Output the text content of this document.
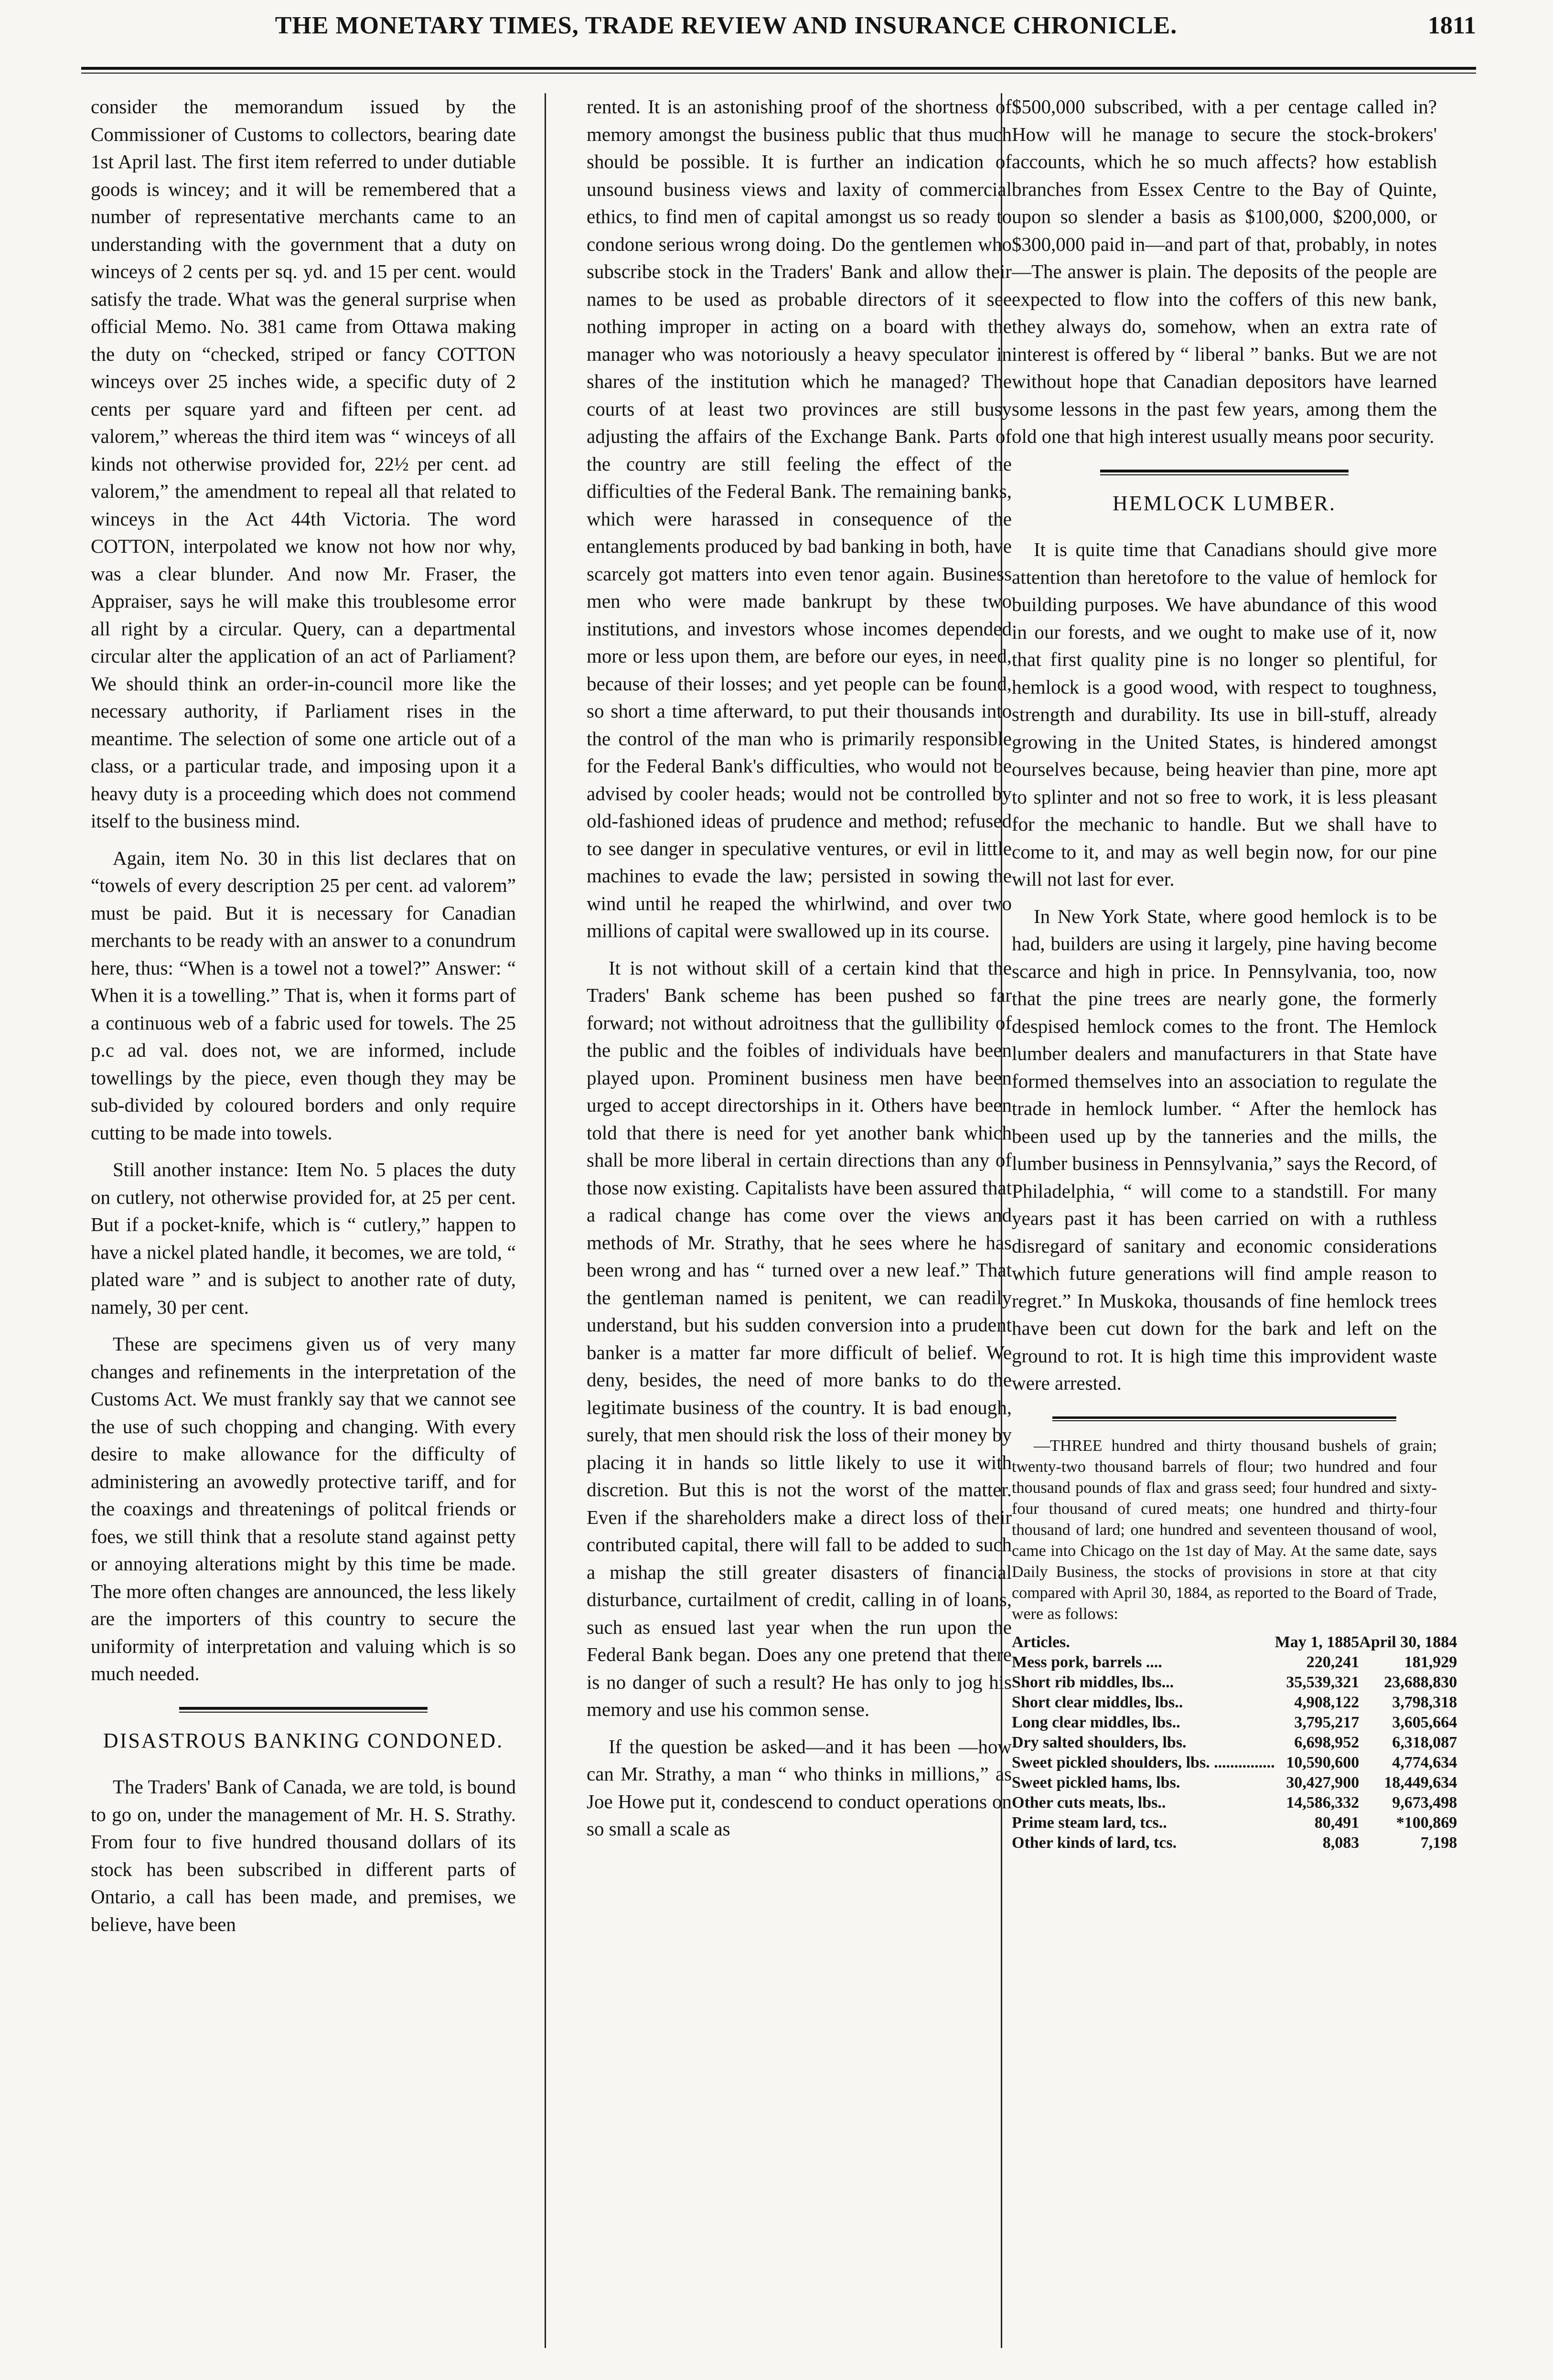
THE MONETARY TIMES, TRADE REVIEW AND INSURANCE CHRONICLE.	1811

consider the memorandum issued by the Commissioner of Customs to collectors, bearing date 1st April last. The first item referred to under dutiable goods is wincey; and it will be remembered that a number of representative merchants came to an understanding with the government that a duty on winceys of 2 cents per sq. yd. and 15 per cent. would satisfy the trade. What was the general surprise when official Memo. No. 381 came from Ottawa making the duty on “checked, striped or fancy COTTON winceys over 25 inches wide, a specific duty of 2 cents per square yard and fifteen per cent. ad valorem,” whereas the third item was “ winceys of all kinds not otherwise provided for, 22½ per cent. ad valorem,” the amendment to repeal all that related to winceys in the Act 44th Victoria. The word COTTON, interpolated we know not how nor why, was a clear blunder. And now Mr. Fraser, the Appraiser, says he will make this troublesome error all right by a circular. Query, can a departmental circular alter the application of an act of Parliament? We should think an order-in-council more like the necessary authority, if Parliament rises in the meantime. The selection of some one article out of a class, or a particular trade, and imposing upon it a heavy duty is a proceeding which does not commend itself to the business mind.

Again, item No. 30 in this list declares that on “towels of every description 25 per cent. ad valorem” must be paid. But it is necessary for Canadian merchants to be ready with an answer to a conundrum here, thus: “When is a towel not a towel?” Answer: “ When it is a towelling.” That is, when it forms part of a continuous web of a fabric used for towels. The 25 p.c ad val. does not, we are informed, include towellings by the piece, even though they may be sub-divided by coloured borders and only require cutting to be made into towels.

Still another instance: Item No. 5 places the duty on cutlery, not otherwise provided for, at 25 per cent. But if a pocket-knife, which is “ cutlery,” happen to have a nickel plated handle, it becomes, we are told, “ plated ware ” and is subject to another rate of duty, namely, 30 per cent.

These are specimens given us of very many changes and refinements in the interpretation of the Customs Act. We must frankly say that we cannot see the use of such chopping and changing. With every desire to make allowance for the difficulty of administering an avowedly protective tariff, and for the coaxings and threatenings of politcal friends or foes, we still think that a resolute stand against petty or annoying alterations might by this time be made. The more often changes are announced, the less likely are the importers of this country to secure the uniformity of interpretation and valuing which is so much needed.

DISASTROUS BANKING CONDONED.

The Traders' Bank of Canada, we are told, is bound to go on, under the management of Mr. H. S. Strathy. From four to five hundred thousand dollars of its stock has been subscribed in different parts of Ontario, a call has been made, and premises, we believe, have been

rented. It is an astonishing proof of the shortness of memory amongst the business public that thus much should be possible. It is further an indication of unsound business views and laxity of commercial ethics, to find men of capital amongst us so ready to condone serious wrong doing. Do the gentlemen who subscribe stock in the Traders' Bank and allow their names to be used as probable directors of it see nothing improper in acting on a board with the manager who was notoriously a heavy speculator in shares of the institution which he managed? The courts of at least two provinces are still busy adjusting the affairs of the Exchange Bank. Parts of the country are still feeling the effect of the difficulties of the Federal Bank. The remaining banks, which were harassed in consequence of the entanglements produced by bad banking in both, have scarcely got matters into even tenor again. Business men who were made bankrupt by these two institutions, and investors whose incomes depended more or less upon them, are before our eyes, in need, because of their losses; and yet people can be found, so short a time afterward, to put their thousands into the control of the man who is primarily responsible for the Federal Bank's difficulties, who would not be advised by cooler heads; would not be controlled by old-fashioned ideas of prudence and method; refused to see danger in speculative ventures, or evil in little machines to evade the law; persisted in sowing the wind until he reaped the whirlwind, and over two millions of capital were swallowed up in its course.

It is not without skill of a certain kind that the Traders' Bank scheme has been pushed so far forward; not without adroitness that the gullibility of the public and the foibles of individuals have been played upon. Prominent business men have been urged to accept directorships in it. Others have been told that there is need for yet another bank which shall be more liberal in certain directions than any of those now existing. Capitalists have been assured that a radical change has come over the views and methods of Mr. Strathy, that he sees where he has been wrong and has “ turned over a new leaf.” That the gentleman named is penitent, we can readily understand, but his sudden conversion into a prudent banker is a matter far more difficult of belief. We deny, besides, the need of more banks to do the legitimate business of the country. It is bad enough, surely, that men should risk the loss of their money by placing it in hands so little likely to use it with discretion. But this is not the worst of the matter. Even if the shareholders make a direct loss of their contributed capital, there will fall to be added to such a mishap the still greater disasters of financial disturbance, curtailment of credit, calling in of loans, such as ensued last year when the run upon the Federal Bank began. Does any one pretend that there is no danger of such a result? He has only to jog his memory and use his common sense.

If the question be asked—and it has been —how can Mr. Strathy, a man “ who thinks in millions,” as Joe Howe put it, condescend to conduct operations on so small a scale as

$500,000 subscribed, with a per centage called in? How will he manage to secure the stock-brokers' accounts, which he so much affects? how establish branches from Essex Centre to the Bay of Quinte, upon so slender a basis as $100,000, $200,000, or $300,000 paid in—and part of that, probably, in notes—The answer is plain. The deposits of the people are expected to flow into the coffers of this new bank, they always do, somehow, when an extra rate of interest is offered by “ liberal ” banks. But we are not without hope that Canadian depositors have learned some lessons in the past few years, among them the old one that high interest usually means poor security.

HEMLOCK LUMBER.

It is quite time that Canadians should give more attention than heretofore to the value of hemlock for building purposes. We have abundance of this wood in our forests, and we ought to make use of it, now that first quality pine is no longer so plentiful, for hemlock is a good wood, with respect to toughness, strength and durability. Its use in bill-stuff, already growing in the United States, is hindered amongst ourselves because, being heavier than pine, more apt to splinter and not so free to work, it is less pleasant for the mechanic to handle. But we shall have to come to it, and may as well begin now, for our pine will not last for ever.

In New York State, where good hemlock is to be had, builders are using it largely, pine having become scarce and high in price. In Pennsylvania, too, now that the pine trees are nearly gone, the formerly despised hemlock comes to the front. The Hemlock lumber dealers and manufacturers in that State have formed themselves into an association to regulate the trade in hemlock lumber. “ After the hemlock has been used up by the tanneries and the mills, the lumber business in Pennsylvania,” says the Record, of Philadelphia, “ will come to a standstill. For many years past it has been carried on with a ruthless disregard of sanitary and economic considerations which future generations will find ample reason to regret.” In Muskoka, thousands of fine hemlock trees have been cut down for the bark and left on the ground to rot. It is high time this improvident waste were arrested.

—THREE hundred and thirty thousand bushels of grain; twenty-two thousand barrels of flour; two hundred and four thousand pounds of flax and grass seed; four hundred and sixty-four thousand of cured meats; one hundred and thirty-four thousand of lard; one hundred and seventeen thousand of wool, came into Chicago on the 1st day of May. At the same date, says Daily Business, the stocks of provisions in store at that city compared with April 30, 1884, as reported to the Board of Trade, were as follows:

Articles.	May 1, 1885	April 30, 1884
Mess pork, barrels ....	220,241	181,929
Short rib middles, lbs...	35,539,321	23,688,830
Short clear middles, lbs..	4,908,122	3,798,318
Long clear middles, lbs..	3,795,217	3,605,664
Dry salted shoulders, lbs.	6,698,952	6,318,087
Sweet pickled shoulders, lbs. ...............	10,590,600	4,774,634
Sweet pickled hams, lbs.	30,427,900	18,449,634
Other cuts meats, lbs..	14,586,332	9,673,498
Prime steam lard, tcs..	80,491	*100,869
Other kinds of lard, tcs.	8,083	7,198
